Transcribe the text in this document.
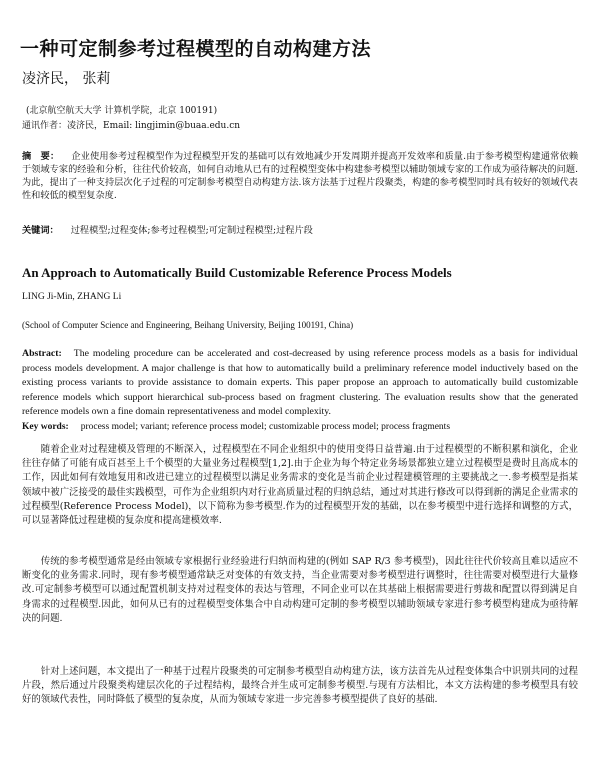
一种可定制参考过程模型的自动构建方法
凌济民， 张莉
(北京航空航天大学 计算机学院，北京 100191)
通讯作者：凌济民，Email: lingjimin@buaa.edu.cn
摘　要： 企业使用参考过程模型作为过程模型开发的基础可以有效地减少开发周期并提高开发效率和质量.由于参考模型构建通常依赖于领域专家的经验和分析，往往代价较高，如何自动地从已有的过程模型变体中构建参考模型以辅助领域专家的工作成为亟待解决的问题.为此，提出了一种支持层次化子过程的可定制参考模型自动构建方法.该方法基于过程片段聚类，构建的参考模型同时具有较好的领域代表性和较低的模型复杂度.
关键词： 过程模型;过程变体;参考过程模型;可定制过程模型;过程片段
An Approach to Automatically Build Customizable Reference Process Models
LING Ji-Min, ZHANG Li
(School of Computer Science and Engineering, Beihang University, Beijing 100191, China)
Abstract: The modeling procedure can be accelerated and cost-decreased by using reference process models as a basis for individual process models development. A major challenge is that how to automatically build a preliminary reference model inductively based on the existing process variants to provide assistance to domain experts. This paper propose an approach to automatically build customizable reference models which support hierarchical sub-process based on fragment clustering. The evaluation results show that the generated reference models own a fine domain representativeness and model complexity.
Key words: process model; variant; reference process model; customizable process model; process fragments

随着企业对过程建模及管理的不断深入，过程模型在不同企业组织中的使用变得日益普遍.由于过程模型的不断积累和演化，企业往往存储了可能有成百甚至上千个模型的大量业务过程模型[1,2].由于企业为每个特定业务场景都独立建立过程模型是费时且高成本的工作，因此如何有效地复用和改进已建立的过程模型以满足业务需求的变化是当前企业过程建模管理的主要挑战之一.参考模型是指某领域中被广泛接受的最佳实践模型，可作为企业组织内对行业高质量过程的归纳总结，通过对其进行修改可以得到新的满足企业需求的过程模型(Reference Process Model)，以下简称为参考模型.作为的过程模型开发的基础，以在参考模型中进行选择和调整的方式，可以显著降低过程建模的复杂度和提高建模效率.

传统的参考模型通常是经由领域专家根据行业经验进行归纳而构建的(例如 SAP R/3 参考模型)，因此往往代价较高且难以适应不断变化的业务需求.同时，现有参考模型通常缺乏对变体的有效支持，当企业需要对参考模型进行调整时，往往需要对模型进行大量修改.可定制参考模型可以通过配置机制支持对过程变体的表达与管理，不同企业可以在其基础上根据需要进行剪裁和配置以得到满足自身需求的过程模型.因此，如何从已有的过程模型变体集合中自动构建可定制的参考模型以辅助领域专家进行参考模型构建成为亟待解决的问题.

针对上述问题，本文提出了一种基于过程片段聚类的可定制参考模型自动构建方法，该方法首先从过程变体集合中识别共同的过程片段，然后通过片段聚类构建层次化的子过程结构，最终合并生成可定制参考模型.与现有方法相比，本文方法构建的参考模型具有较好的领域代表性，同时降低了模型的复杂度，从而为领域专家进一步完善参考模型提供了良好的基础.
